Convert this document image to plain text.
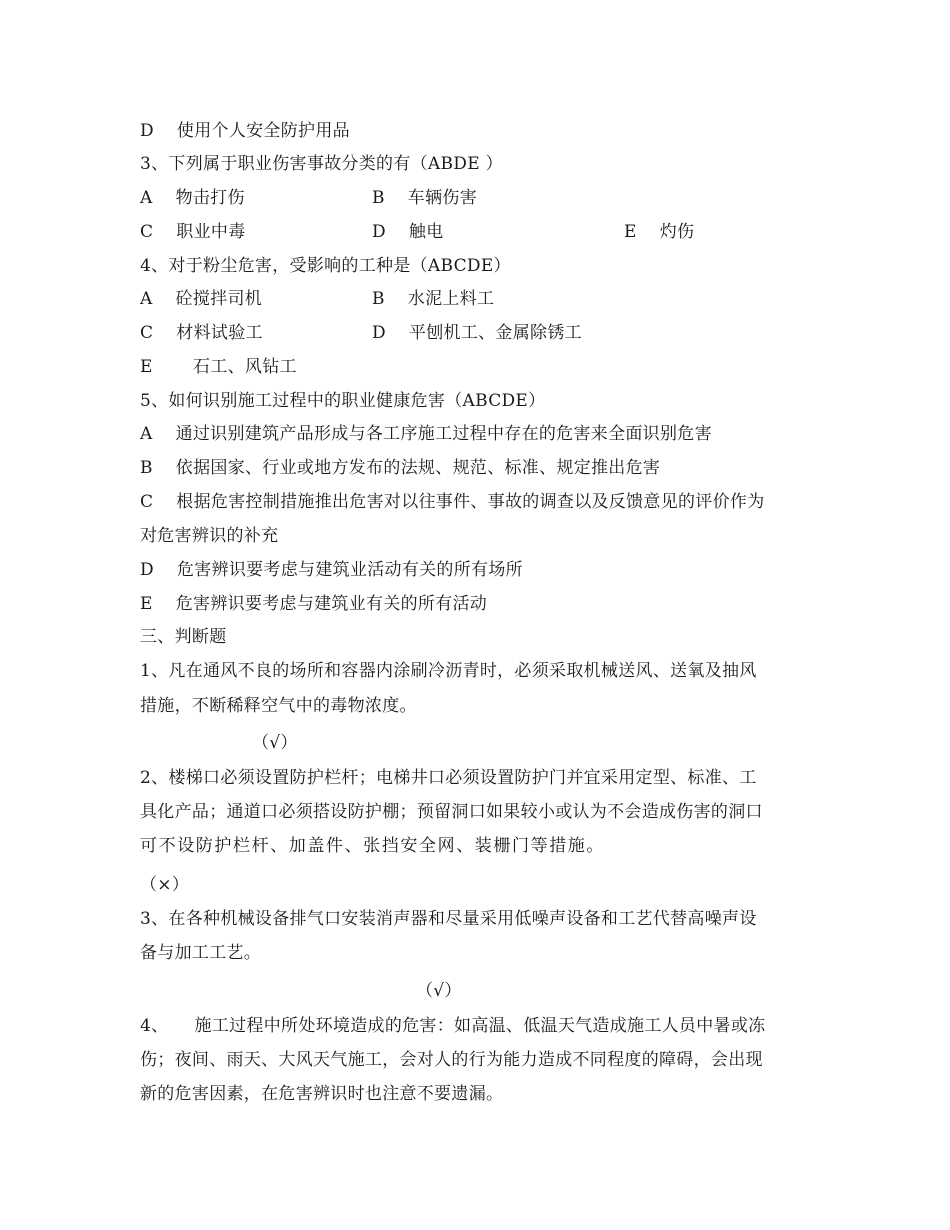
D　 使用个人安全防护用品
3、下列属于职业伤害事故分类的有（ABDE ）
A　 物击打伤	B　 车辆伤害
C　 职业中毒	D　 触电	E　 灼伤
4、对于粉尘危害，受影响的工种是（ABCDE）
A　 砼搅拌司机	B　 水泥上料工
C　 材料试验工	D　 平刨机工、金属除锈工
E　　 石工、风钻工
5、如何识别施工过程中的职业健康危害（ABCDE）
A　 通过识别建筑产品形成与各工序施工过程中存在的危害来全面识别危害
B　 依据国家、行业或地方发布的法规、规范、标准、规定推出危害
C　 根据危害控制措施推出危害对以往事件、事故的调查以及反馈意见的评价作为
对危害辨识的补充
D　 危害辨识要考虑与建筑业活动有关的所有场所
E　 危害辨识要考虑与建筑业有关的所有活动
三、判断题
1、凡在通风不良的场所和容器内涂刷冷沥青时，必须采取机械送风、送氧及抽风
措施，不断稀释空气中的毒物浓度。
（√）
2、楼梯口必须设置防护栏杆；电梯井口必须设置防护门并宜采用定型、标准、工
具化产品；通道口必须搭设防护棚；预留洞口如果较小或认为不会造成伤害的洞口
可不设防护栏杆、加盖件、张挡安全网、装栅门等措施。
（×）
3、在各种机械设备排气口安装消声器和尽量采用低噪声设备和工艺代替高噪声设
备与加工工艺。
（√）
4、　　施工过程中所处环境造成的危害：如高温、低温天气造成施工人员中暑或冻
伤；夜间、雨天、大风天气施工，会对人的行为能力造成不同程度的障碍，会出现
新的危害因素，在危害辨识时也注意不要遗漏。
